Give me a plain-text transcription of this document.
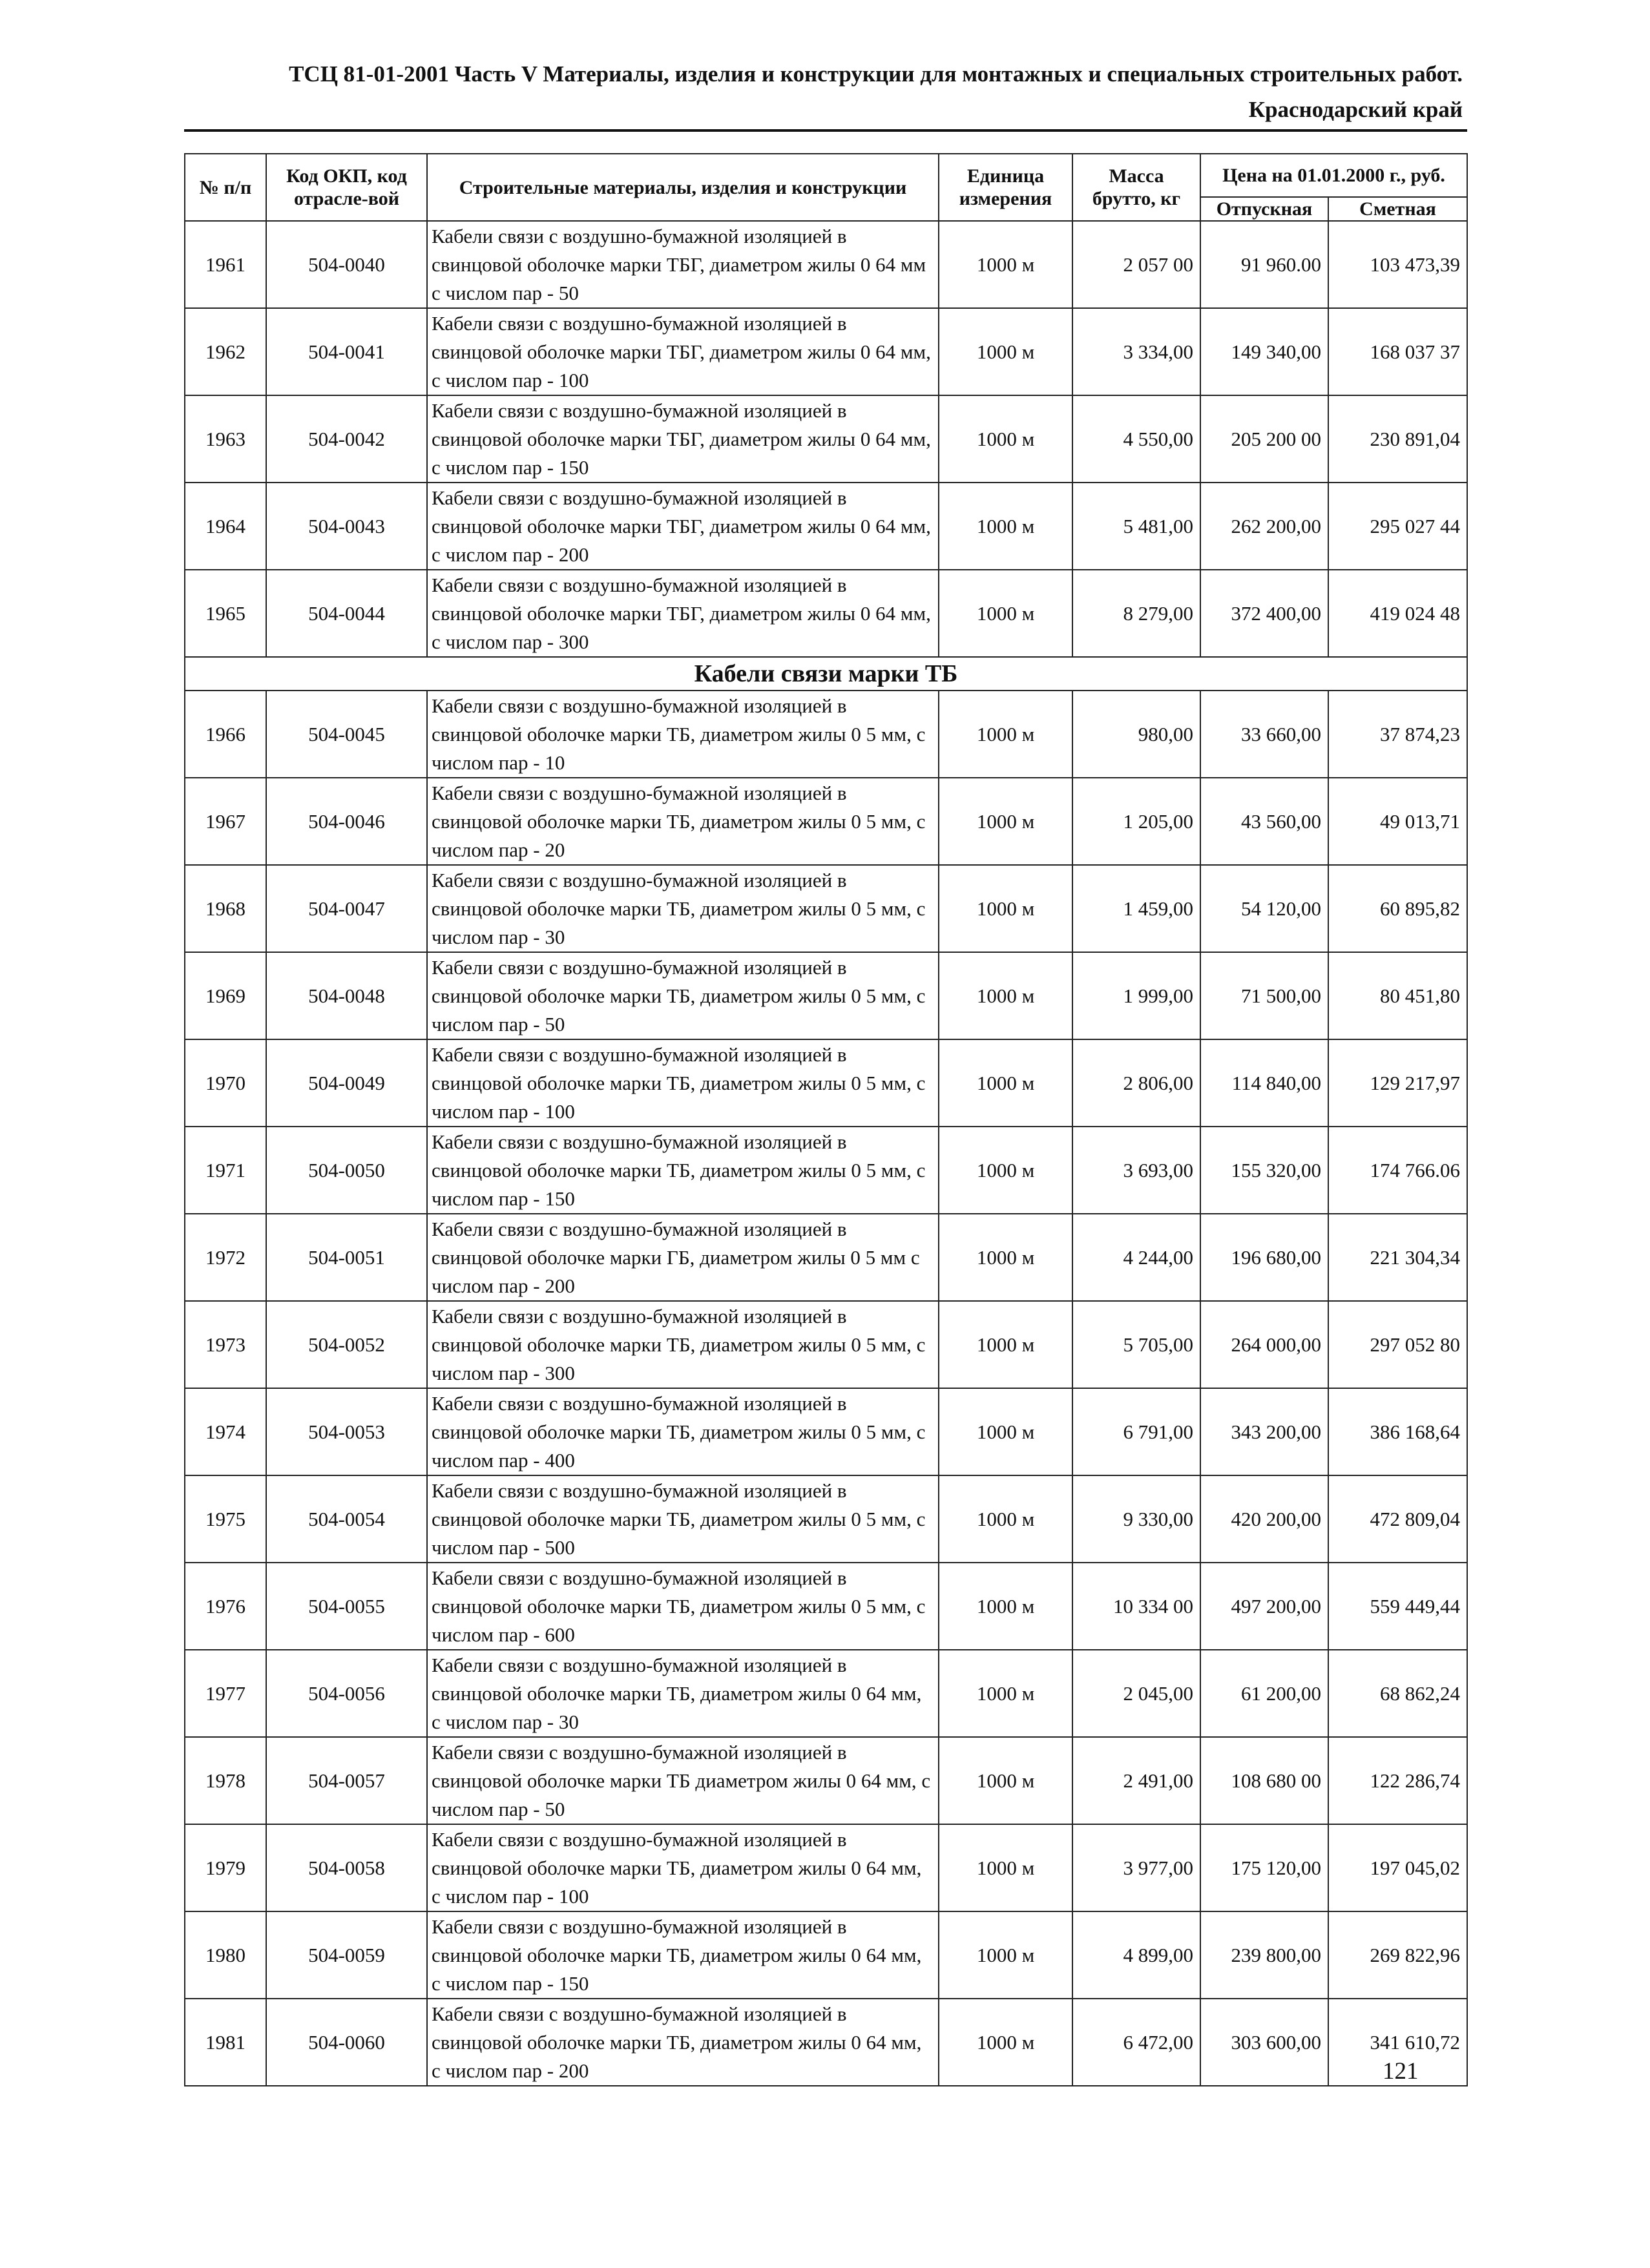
ТСЦ 81-01-2001 Часть V Материалы, изделия и конструкции для монтажных и специальных строительных работ.
Краснодарский край
№ п/п	Код ОКП, код отрасле-вой	Строительные материалы, изделия и конструкции	Единица измерения	Масса брутто, кг	Цена на 01.01.2000 г., руб.	
					Отпускная	Сметная
1961	504-0040	Кабели связи с воздушно-бумажной изоляцией в свинцовой оболочке марки ТБГ, диаметром жилы 0 64 мм с числом пар - 50	1000 м	2 057 00	91 960.00	103 473,39
1962	504-0041	Кабели связи с воздушно-бумажной изоляцией в свинцовой оболочке марки ТБГ, диаметром жилы 0 64 мм, с числом пар - 100	1000 м	3 334,00	149 340,00	168 037 37
1963	504-0042	Кабели связи с воздушно-бумажной изоляцией в свинцовой оболочке марки ТБГ, диаметром жилы 0 64 мм, с числом пар - 150	1000 м	4 550,00	205 200 00	230 891,04
1964	504-0043	Кабели связи с воздушно-бумажной изоляцией в свинцовой оболочке марки ТБГ, диаметром жилы 0 64 мм, с числом пар - 200	1000 м	5 481,00	262 200,00	295 027 44
1965	504-0044	Кабели связи с воздушно-бумажной изоляцией в свинцовой оболочке марки ТБГ, диаметром жилы 0 64 мм, с числом пар - 300	1000 м	8 279,00	372 400,00	419 024 48
Кабели связи марки ТБ						
1966	504-0045	Кабели связи с воздушно-бумажной изоляцией в свинцовой оболочке марки ТБ, диаметром жилы 0 5 мм, с числом пар - 10	1000 м	980,00	33 660,00	37 874,23
1967	504-0046	Кабели связи с воздушно-бумажной изоляцией в свинцовой оболочке марки ТБ, диаметром жилы 0 5 мм, с числом пар - 20	1000 м	1 205,00	43 560,00	49 013,71
1968	504-0047	Кабели связи с воздушно-бумажной изоляцией в свинцовой оболочке марки ТБ, диаметром жилы 0 5 мм, с числом пар - 30	1000 м	1 459,00	54 120,00	60 895,82
1969	504-0048	Кабели связи с воздушно-бумажной изоляцией в свинцовой оболочке марки ТБ, диаметром жилы 0 5 мм, с числом пар - 50	1000 м	1 999,00	71 500,00	80 451,80
1970	504-0049	Кабели связи с воздушно-бумажной изоляцией в свинцовой оболочке марки ТБ, диаметром жилы 0 5 мм, с числом пар - 100	1000 м	2 806,00	114 840,00	129 217,97
1971	504-0050	Кабели связи с воздушно-бумажной изоляцией в свинцовой оболочке марки ТБ, диаметром жилы 0 5 мм, с числом пар - 150	1000 м	3 693,00	155 320,00	174 766.06
1972	504-0051	Кабели связи с воздушно-бумажной изоляцией в свинцовой оболочке марки ГБ, диаметром жилы 0 5 мм с числом пар - 200	1000 м	4 244,00	196 680,00	221 304,34
1973	504-0052	Кабели связи с воздушно-бумажной изоляцией в свинцовой оболочке марки ТБ, диаметром жилы 0 5 мм, с числом пар - 300	1000 м	5 705,00	264 000,00	297 052 80
1974	504-0053	Кабели связи с воздушно-бумажной изоляцией в свинцовой оболочке марки ТБ, диаметром жилы 0 5 мм, с числом пар - 400	1000 м	6 791,00	343 200,00	386 168,64
1975	504-0054	Кабели связи с воздушно-бумажной изоляцией в свинцовой оболочке марки ТБ, диаметром жилы 0 5 мм, с числом пар - 500	1000 м	9 330,00	420 200,00	472 809,04
1976	504-0055	Кабели связи с воздушно-бумажной изоляцией в свинцовой оболочке марки ТБ, диаметром жилы 0 5 мм, с числом пар - 600	1000 м	10 334 00	497 200,00	559 449,44
1977	504-0056	Кабели связи с воздушно-бумажной изоляцией в свинцовой оболочке марки ТБ, диаметром жилы 0 64 мм, с числом пар - 30	1000 м	2 045,00	61 200,00	68 862,24
1978	504-0057	Кабели связи с воздушно-бумажной изоляцией в свинцовой оболочке марки ТБ диаметром жилы 0 64 мм, с числом пар - 50	1000 м	2 491,00	108 680 00	122 286,74
1979	504-0058	Кабели связи с воздушно-бумажной изоляцией в свинцовой оболочке марки ТБ, диаметром жилы 0 64 мм, с числом пар - 100	1000 м	3 977,00	175 120,00	197 045,02
1980	504-0059	Кабели связи с воздушно-бумажной изоляцией в свинцовой оболочке марки ТБ, диаметром жилы 0 64 мм, с числом пар - 150	1000 м	4 899,00	239 800,00	269 822,96
1981	504-0060	Кабели связи с воздушно-бумажной изоляцией в свинцовой оболочке марки ТБ, диаметром жилы 0 64 мм, с числом пар - 200	1000 м	6 472,00	303 600,00	341 610,72
121
